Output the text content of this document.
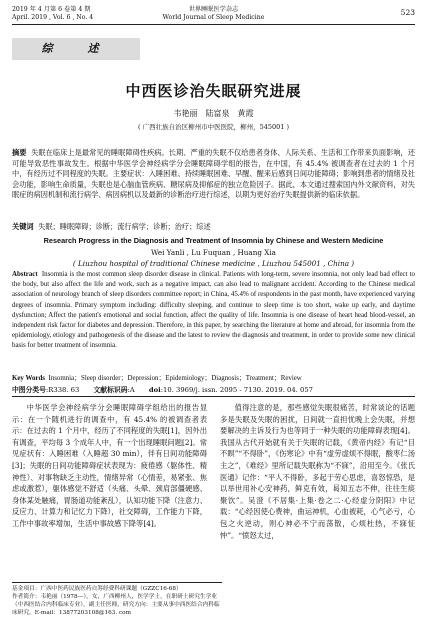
2019 年 4 月第 6 卷第 4 期
April. 2019 , Vol. 6 , No. 4
世界睡眠医学杂志
World Journal of Sleep Medicine
523
综　述
中西医诊治失眠研究进展
韦艳丽　陆富泉　黄霞
( 广西壮族自治区柳州市中医医院，柳州，545001 )
摘要 失眠在临床上是最常见的睡眠障碍性疾病。长期、严重的失眠不仅给患者身体、人际关系、生活和工作带来负面影响，还可能导致恶性事故发生。根据中华医学会神经病学分会睡眠障碍学组的报告，在中国，有 45.4% 被调查者在过去的 1 个月中，有经历过不同程度的失眠。主要症状：入睡困难、持续睡眠困难、早醒、醒来后感到日间功能障碍；影响到患者的情绪及社会功能，影响生命质量，失眠也是心脑血管疾病、糖尿病及抑郁症的独立危险因子。据此，本文通过搜索国内外文献资料，对失眠症的病因机制和流行病学、病因病机以及最新的诊断治疗进行综述，以期为更好治疗失眠提供新的临床依据。
关键词 失眠；睡眠障碍；诊断；流行病学；诊断；治疗；综述
Research Progress in the Diagnosis and Treatment of Insomnia by Chinese and Western Medicine
Wei Yanli , Lu Fuquan , Huang Xia
( Liuzhou hospital of traditional Chinese medicine , Liuzhou 545001 , China )
Abstract Insomnia is the most common sleep disorder disease in clinical. Patients with long-term, severe insomnia, not only lead bad effect to the body, but also affect the life and work, such as a negative impact, can also lead to malignant accident. According to the Chinese medical association of neurology branch of sleep disorders committee report; in China, 45.4% of respondents in the past month, have experienced varying degrees of insomnia. Primary symptom including: difficulty sleeping, and continue to sleep time is too short, wake up early, and daytime dysfunction; Affect the patient's emotional and social function, affect the quality of life. Insomnia is one disease of heart head blood-vessel, an independent risk factor for diabetes and depression. Therefore, in this paper, by searching the literature at home and abroad, for insomnia from the epidemiology, etiology and pathogenesis of the disease and the latest to review the diagnosis and treatment, in order to provide some new clinical basis for better treatment of insomnia.
Key Words Insomnia；Sleep disorder；Depression；Epidemiology；Diagnosis；Treatment；Review
中图分类号:R338. 63 文献标识码:A doi:10. 3969/j. issn. 2095 - 7130. 2019. 04. 057
中华医学会神经病学分会睡眠障碍学组给出的报告显示：在一个随机进行的调查中，有 45.4% 的被调查者表示：在过去的 1 个月中，经历了不同程度的失眠[1]，因外出有调查，平均每 3 个成年人中，有一个出现睡眠问题[2]。常见症状有：入睡困难（入睡超 30 min），伴有日间功能障碍[3]；失眠的日间功能障碍症状表现为：疲倦感（躯体性、精神性）、对事物缺乏主动性，情绪异常（心情差，易紧张、焦虑或激惹），躯体感觉不舒适（头痛、头晕、颈肩部僵硬感、身体某处触痛，胃肠道功能紊乱），认知功能下降（注意力、反应力、计算力和记忆力下降），社交障碍，工作能力下降，工作中事故率增加，生活中事故感下降等[4]。
值得注意的是，那些感觉失眠很痛苦，时常谈论的话题多是失眠及失眠的困扰，日间就一直担忧晚上会失眠，并想要解决的主诉及行为也等同于一种失眠的功能障碍表现[4]。我国从古代开始就有关于失眠的记载，《黄帝内经》有记“目不瞑”“不得卧”，《伤寒论》中有“虚劳虚烦不得眠，酸枣仁汤主之”，《难经》里所记载失眠称为“不寐”，沿用至今。《张氏医通》记作：“平人不得卧，多起于劳心思虑，喜怒惊恐，是以举世用补心安神药，鲜克有效，曷知五志不伸，往往生痰聚饮”。吴澄《不居集·上集·卷之二·心经虚分阴阳》中记载：“心经因使心费神，曲运神机，心血被耗，心气必亏，心包之火逆动，则心神必不宁而荡散，心烦杜热，不寐怔忡”。“愤怒太过，
基金项目：广西中医药民族医药自筹经费科研课题（GZZC16-68）
作者简介：韦艳丽（1978—），女，广西柳州人，医学学士，在职研士研究生学业（中西医结合内科临床专业），副主任医师，研究方向：主要从事中西医结合内科临床研究，E-mail：13877203108@163. com
